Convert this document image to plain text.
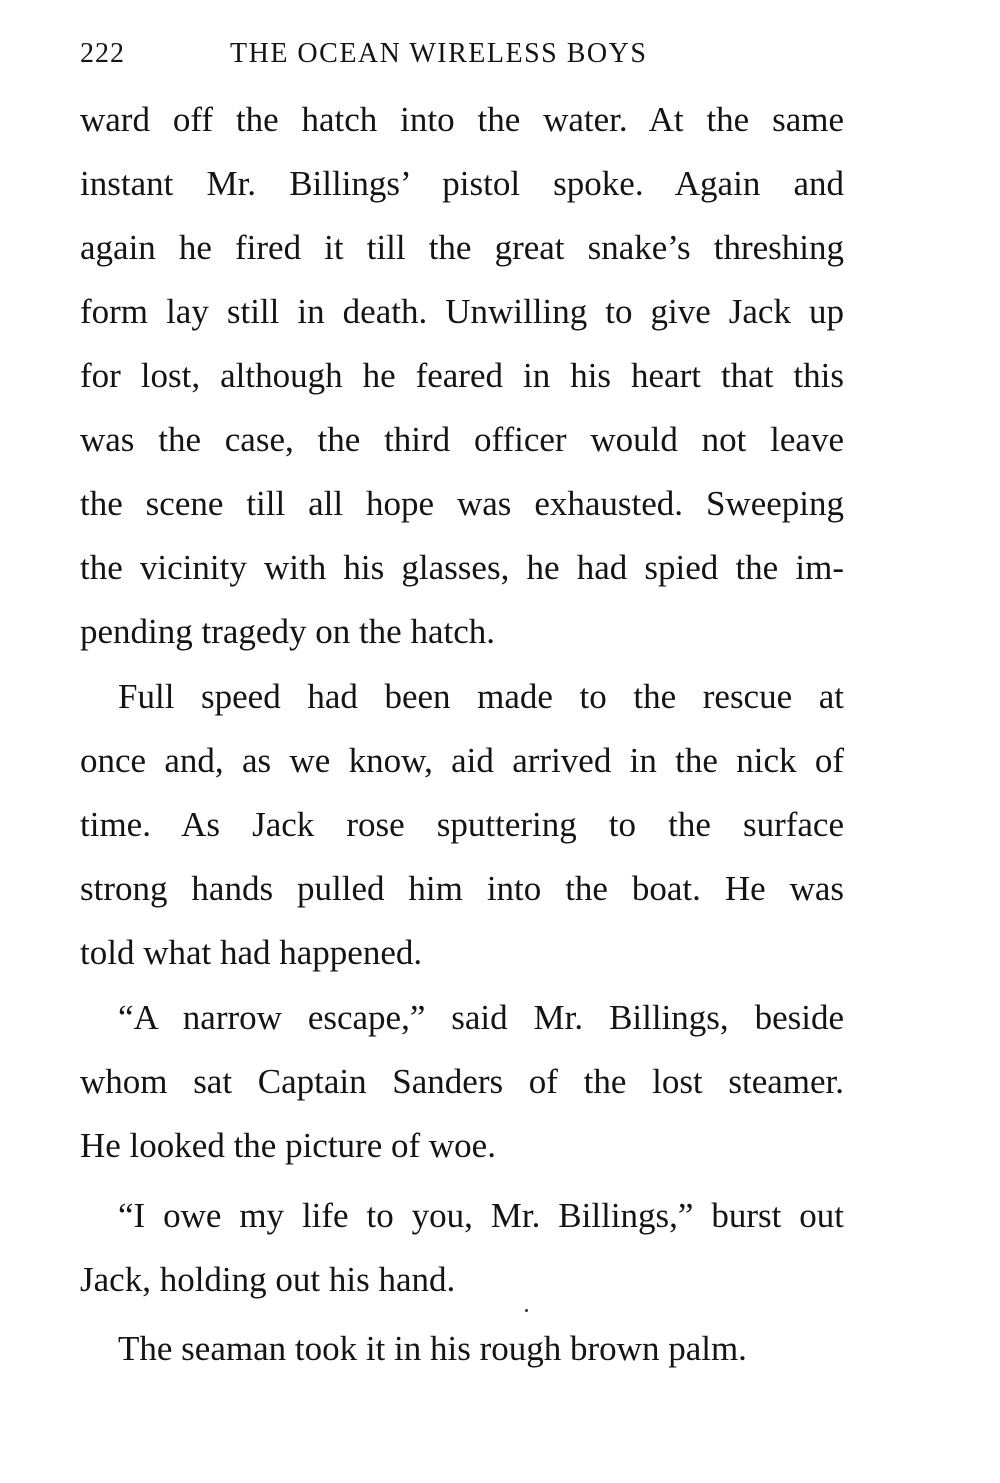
222	THE OCEAN WIRELESS BOYS
ward off the hatch into the water. At the same
instant Mr. Billings’ pistol spoke. Again and
again he fired it till the great snake’s threshing
form lay still in death. Unwilling to give Jack up
for lost, although he feared in his heart that this
was the case, the third officer would not leave
the scene till all hope was exhausted. Sweeping
the vicinity with his glasses, he had spied the im-
pending tragedy on the hatch.
Full speed had been made to the rescue at
once and, as we know, aid arrived in the nick of
time. As Jack rose sputtering to the surface
strong hands pulled him into the boat. He was
told what had happened.
“A narrow escape,” said Mr. Billings, beside
whom sat Captain Sanders of the lost steamer.
He looked the picture of woe.
“I owe my life to you, Mr. Billings,” burst out
Jack, holding out his hand.
The seaman took it in his rough brown palm.
